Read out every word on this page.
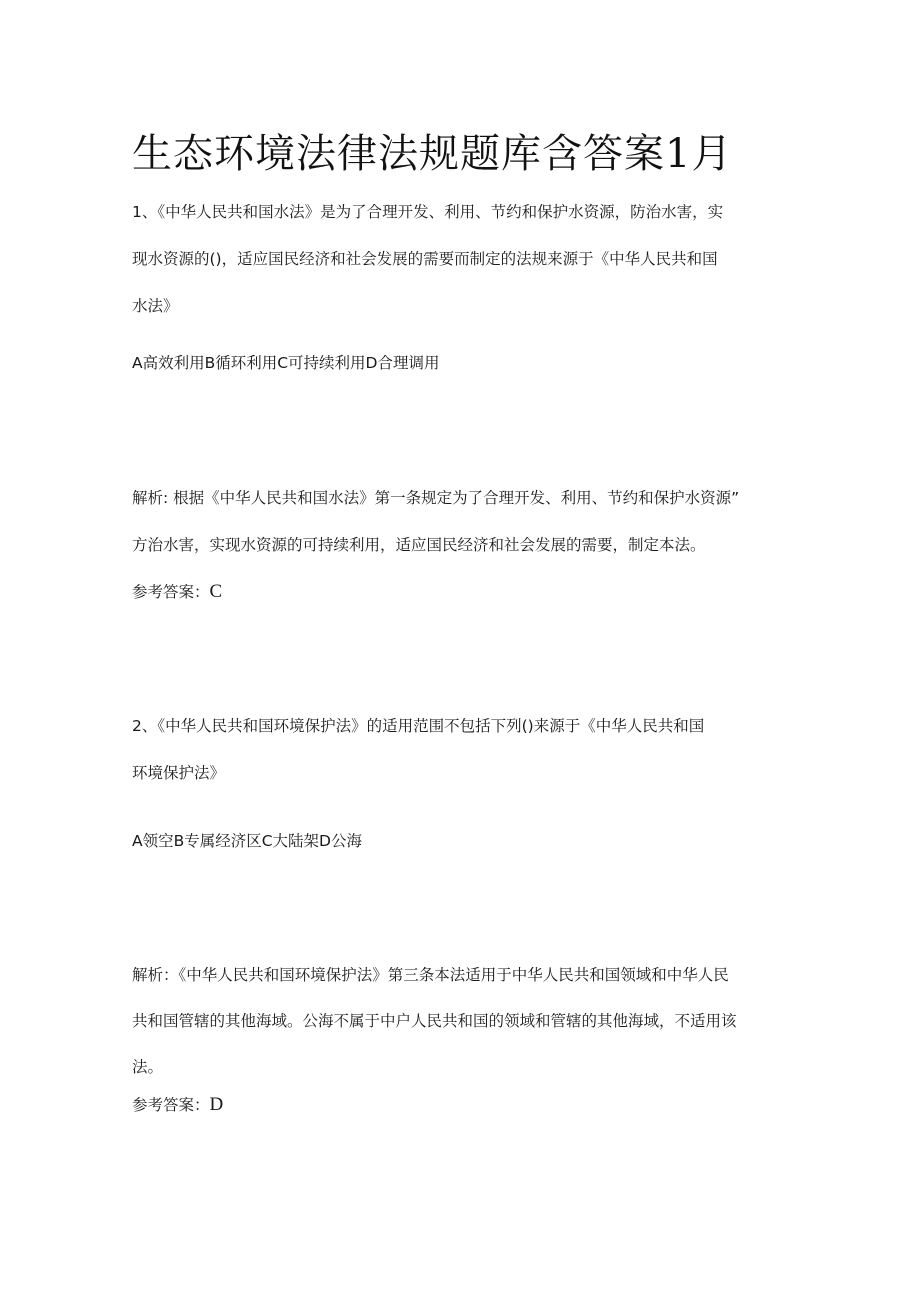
生态环境法律法规题库含答案1月
1、《中华人民共和国水法》是为了合理开发、利用、节约和保护水资源，防治水害，实
现水资源的()，适应国民经济和社会发展的需要而制定的法规来源于《中华人民共和国
水法》
A高效利用B循环利用C可持续利用D合理调用
解析: 根据《中华人民共和国水法》第一条规定为了合理开发、利用、节约和保护水资源”
方治水害，实现水资源的可持续利用，适应国民经济和社会发展的需要，制定本法。
参考答案：C
2、《中华人民共和国环境保护法》的适用范围不包括下列()来源于《中华人民共和国
环境保护法》
A领空B专属经济区C大陆架D公海
解析：《中华人民共和国环境保护法》第三条本法适用于中华人民共和国领域和中华人民
共和国管辖的其他海域。公海不属于中户人民共和国的领域和管辖的其他海域，不适用该
法。
参考答案：D
